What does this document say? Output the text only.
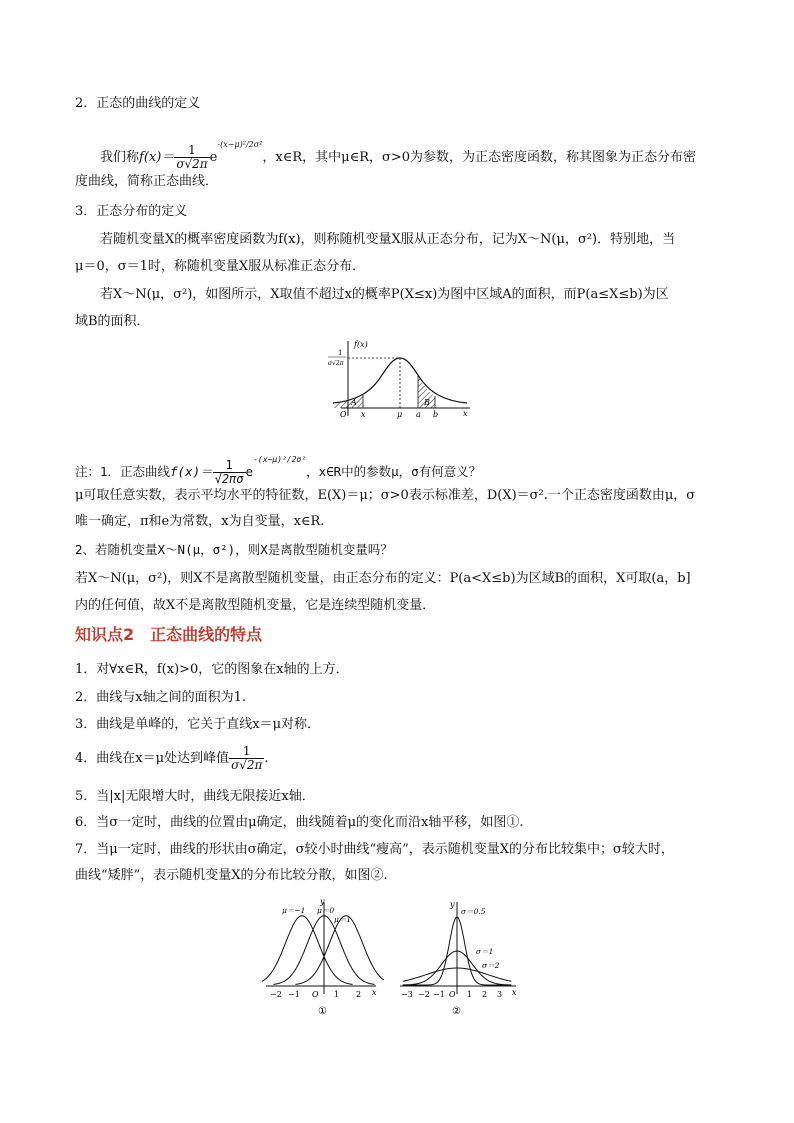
2．正态的曲线的定义
我们称$f(x)= \frac{1}{\sigma√2\pi} e^{-(x-\mu)^2/2\sigma^2}$，x∈R，其中μ∈R，σ>0为参数，为正态密度函数，称其图象为正态分布密
度曲线，简称正态曲线．
3．正态分布的定义
若随机变量X的概率密度函数为f(x)，则称随机变量X服从正态分布，记为X～N(μ，σ²)．特别地，当
μ＝0，σ＝1时，称随机变量X服从标准正态分布．
若X～N(μ，σ²)，如图所示，X取值不超过x的概率P(X≤x)为图中区域A的面积，而P(a≤X≤b)为区
域B的面积．
f(x)
1
σ√2π
O x	μ a b	x
A	B
注：1．正态曲线$f(x)= \frac{1}{√2\pi\sigma} e^{-(x-\mu)^2/2\sigma^2}$，x∈R中的参数μ，σ有何意义？
μ可取任意实数，表示平均水平的特征数，E(X)＝μ；σ>0表示标准差，D(X)＝σ².一个正态密度函数由μ，σ
唯一确定，π和e为常数，x为自变量，x∈R.
2、若随机变量X～N(μ，σ²)，则X是离散型随机变量吗？
若X～N(μ，σ²)，则X不是离散型随机变量，由正态分布的定义：P(a<X≤b)为区域B的面积，X可取(a，b]
内的任何值，故X不是离散型随机变量，它是连续型随机变量．
知识点2　正态曲线的特点
1．对∀x∈R，f(x)>0，它的图象在x轴的上方．
2．曲线与x轴之间的面积为1.
3．曲线是单峰的，它关于直线x＝μ对称．
4．曲线在x＝μ处达到峰值 $\frac{1}{\sigma√2\pi}$ .
5．当|x|无限增大时，曲线无限接近x轴．
6．当σ一定时，曲线的位置由μ确定，曲线随着μ的变化而沿x轴平移，如图①.
7．当μ一定时，曲线的形状由σ确定，σ较小时曲线“瘦高”，表示随机变量X的分布比较集中；σ较大时，
曲线“矮胖”，表示随机变量X的分布比较分散，如图②.
y
x
μ＝−1 μ＝0
μ＝1
−2 −1 O 1 2
①
y
x
σ＝0.5
σ＝1
σ＝2
−3 −2 −1 O 1 2 3
②
